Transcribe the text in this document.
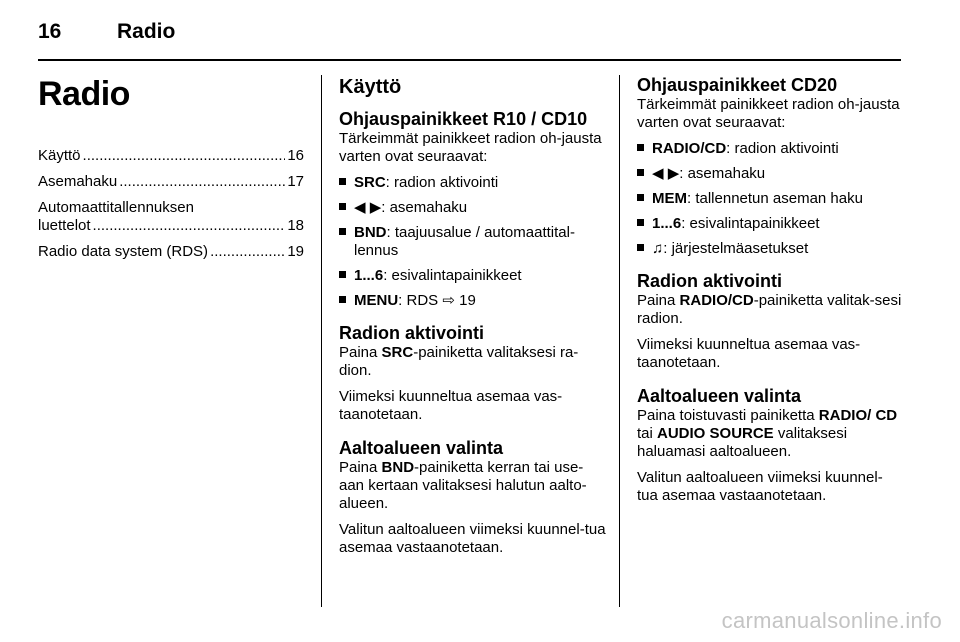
16	Radio
Radio
Käyttö .....	16
Asemahaku .....	17
Automaattitallennuksen
luettelot .....	18
Radio data system (RDS) .....	19
Käyttö
Ohjauspainikkeet R10 / CD10

Tärkeimmät painikkeet radion oh-jausta varten ovat seuraavat:

SRC: radion aktivointi
◀ ▶: asemahaku
BND: taajuusalue / automaattital-lennus
1...6: esivalintapainikkeet
MENU: RDS ⇨ 19
Radion aktivointi

Paina SRC-painiketta valitaksesi ra-dion.

Viimeksi kuunneltua asemaa vas-taanotetaan.

Aaltoalueen valinta

Paina BND-painiketta kerran tai use-aan kertaan valitaksesi halutun aalto-alueen.

Valitun aaltoalueen viimeksi kuunnel-tua asemaa vastaanotetaan.

Ohjauspainikkeet CD20

Tärkeimmät painikkeet radion oh-jausta varten ovat seuraavat:

RADIO/CD: radion aktivointi
◀ ▶: asemahaku
MEM: tallennetun aseman haku
1...6: esivalintapainikkeet
♫: järjestelmäasetukset
Radion aktivointi

Paina RADIO/CD-painiketta valitak-sesi radion.

Viimeksi kuunneltua asemaa vas-taanotetaan.

Aaltoalueen valinta

Paina toistuvasti painiketta RADIO/ CD tai AUDIO SOURCE valitaksesi haluamasi aaltoalueen.

Valitun aaltoalueen viimeksi kuunnel-tua asemaa vastaanotetaan.

carmanualsonline.info
